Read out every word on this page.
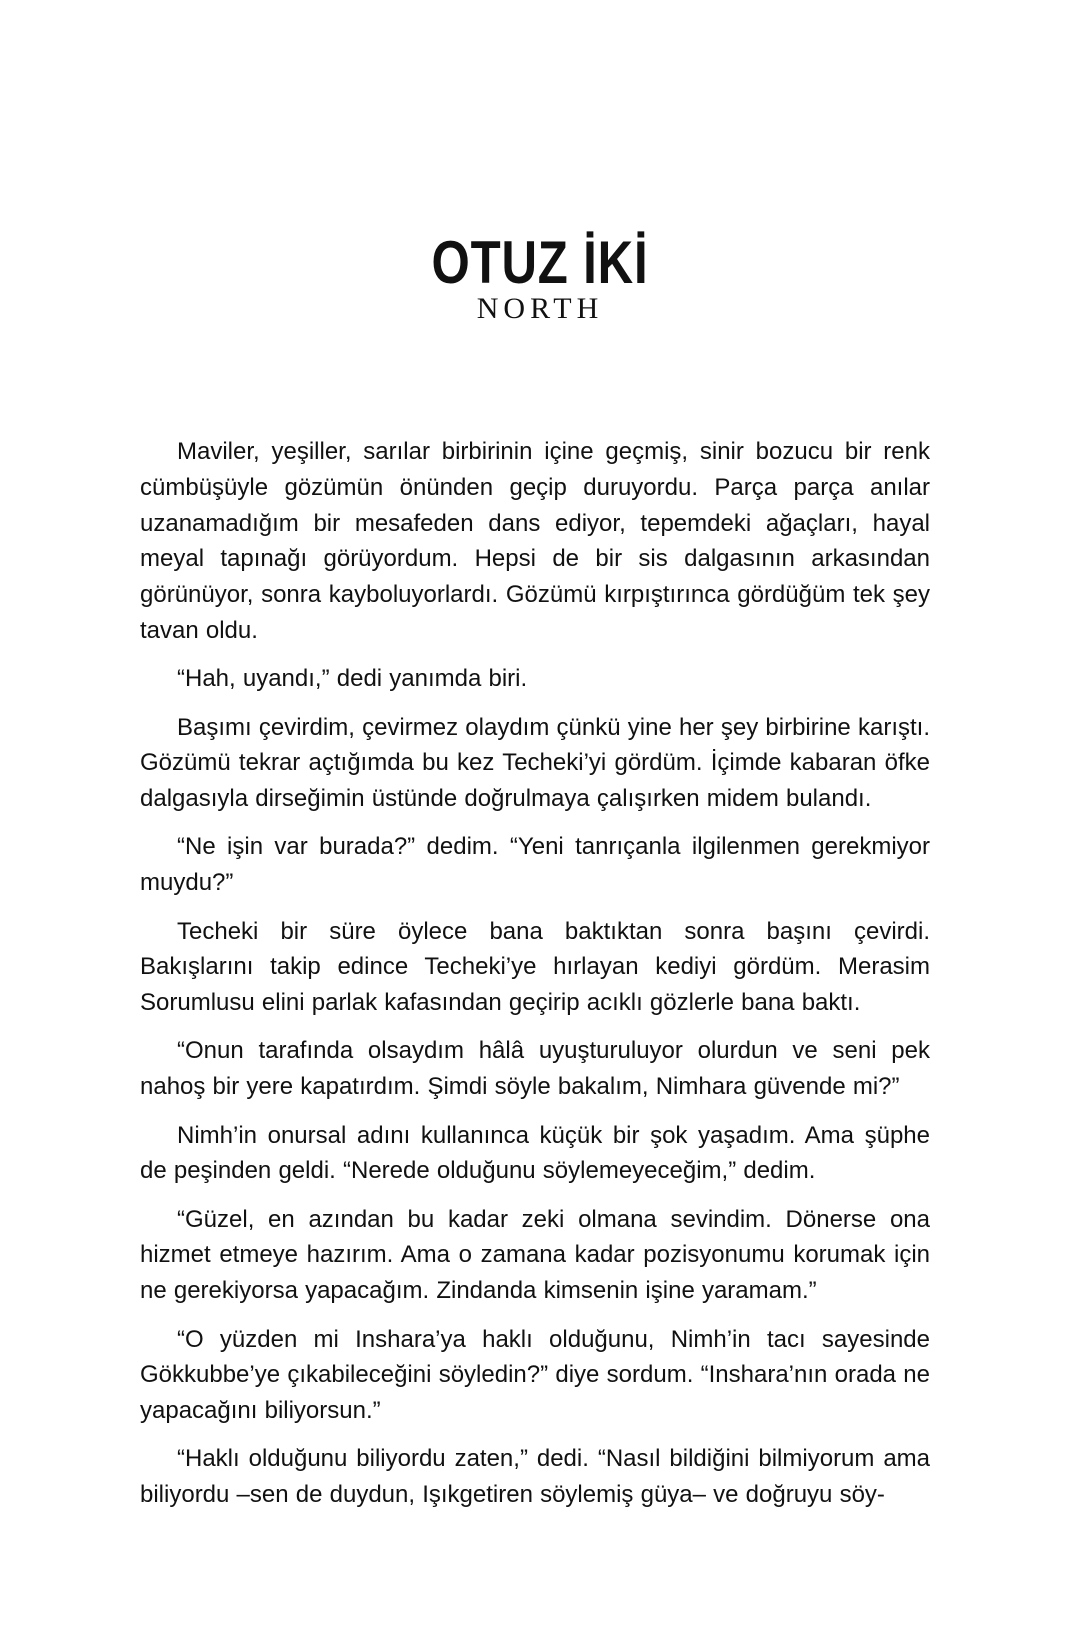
OTUZ İKİ
NORTH

Maviler, yeşiller, sarılar birbirinin içine geçmiş, sinir bozucu bir renk cümbüşüyle gözümün önünden geçip duruyordu. Parça parça anılar uzanamadığım bir mesafeden dans ediyor, tepemdeki ağaçları, hayal meyal tapınağı görüyordum. Hepsi de bir sis dalgasının arkasından görünüyor, sonra kayboluyorlardı. Gözümü kırpıştırınca gördüğüm tek şey tavan oldu.

“Hah, uyandı,” dedi yanımda biri.

Başımı çevirdim, çevirmez olaydım çünkü yine her şey birbirine karıştı. Gözümü tekrar açtığımda bu kez Techeki’yi gördüm. İçimde kabaran öfke dalgasıyla dirseğimin üstünde doğrulmaya çalışırken midem bulandı.

“Ne işin var burada?” dedim. “Yeni tanrıçanla ilgilenmen gerekmiyor muydu?”

Techeki bir süre öylece bana baktıktan sonra başını çevirdi. Bakışlarını takip edince Techeki’ye hırlayan kediyi gördüm. Merasim Sorumlusu elini parlak kafasından geçirip acıklı gözlerle bana baktı.

“Onun tarafında olsaydım hâlâ uyuşturuluyor olurdun ve seni pek nahoş bir yere kapatırdım. Şimdi söyle bakalım, Nimhara güvende mi?”

Nimh’in onursal adını kullanınca küçük bir şok yaşadım. Ama şüphe de peşinden geldi. “Nerede olduğunu söylemeyeceğim,” dedim.

“Güzel, en azından bu kadar zeki olmana sevindim. Dönerse ona hizmet etmeye hazırım. Ama o zamana kadar pozisyonumu korumak için ne gerekiyorsa yapacağım. Zindanda kimsenin işine yaramam.”

“O yüzden mi Inshara’ya haklı olduğunu, Nimh’in tacı sayesinde Gökkubbe’ye çıkabileceğini söyledin?” diye sordum. “Inshara’nın orada ne yapacağını biliyorsun.”

“Haklı olduğunu biliyordu zaten,” dedi. “Nasıl bildiğini bilmiyorum ama biliyordu –sen de duydun, Işıkgetiren söylemiş güya– ve doğruyu söy-
